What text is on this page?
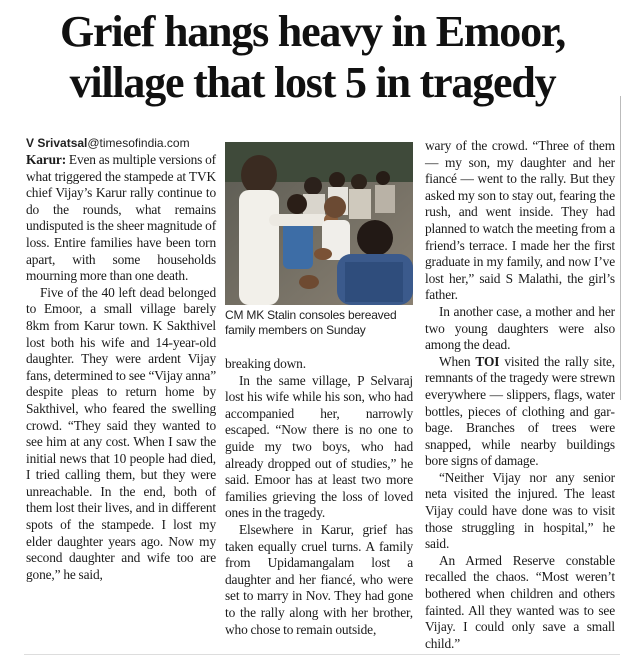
Grief hangs heavy in Emoor,
village that lost 5 in tragedy
V Srivatsal@timesofindia.com

Karur: Even as multiple versions of what triggered the stampede at TVK chief Vijay’s Karur rally continue to do the rounds, what remains undisputed is the sheer magnitude of loss. Entire families have been torn apart, with some households mourning more than one death.

Five of the 40 left dead belonged to Emoor, a small village barely 8km from Karur town. K Sakthivel lost both his wife and 14-year-old daughter. They were ardent Vijay fans, determined to see “Vijay anna” despite pleas to return home by Sakthivel, who feared the swelling crowd. “They said they wanted to see him at any cost. When I saw the initial news that 10 people had died, I tried calling them, but they were unreachable. In the end, both of them lost their lives, and in different spots of the stampede. I lost my elder daughter years ago. Now my second daughter and wife too are gone,” he said,

CM MK Stalin consoles bereaved family members on Sunday

breaking down.

In the same village, P Selvaraj lost his wife while his son, who had accompanied her, narrowly escaped. “Now there is no one to guide my two boys, who had already dropped out of studies,” he said. Emoor has at least two more families grieving the loss of loved ones in the tragedy.

Elsewhere in Karur, grief has taken equally cruel turns. A family from Upidamangalam lost a daughter and her fiancé, who were set to marry in Nov. They had gone to the rally along with her brother, who chose to remain outside,

wary of the crowd. “Three of them — my son, my daughter and her fiancé — went to the rally. But they asked my son to stay out, fearing the rush, and went inside. They had planned to watch the meeting from a friend’s terrace. I made her the first graduate in my family, and now I’ve lost her,” said S Malathi, the girl’s father.

In another case, a mother and her two young daughters were also among the dead.

When TOI visited the rally site, remnants of the tragedy were strewn everywhere — slippers, flags, water bottles, pieces of clothing and garbage. Branches of trees were snapped, while nearby buildings bore signs of damage.

“Neither Vijay nor any senior neta visited the injured. The least Vijay could have done was to visit those struggling in hospital,” he said.

An Armed Reserve constable recalled the chaos. “Most weren’t bothered when children and others fainted. All they wanted was to see Vijay. I could only save a small child.”
